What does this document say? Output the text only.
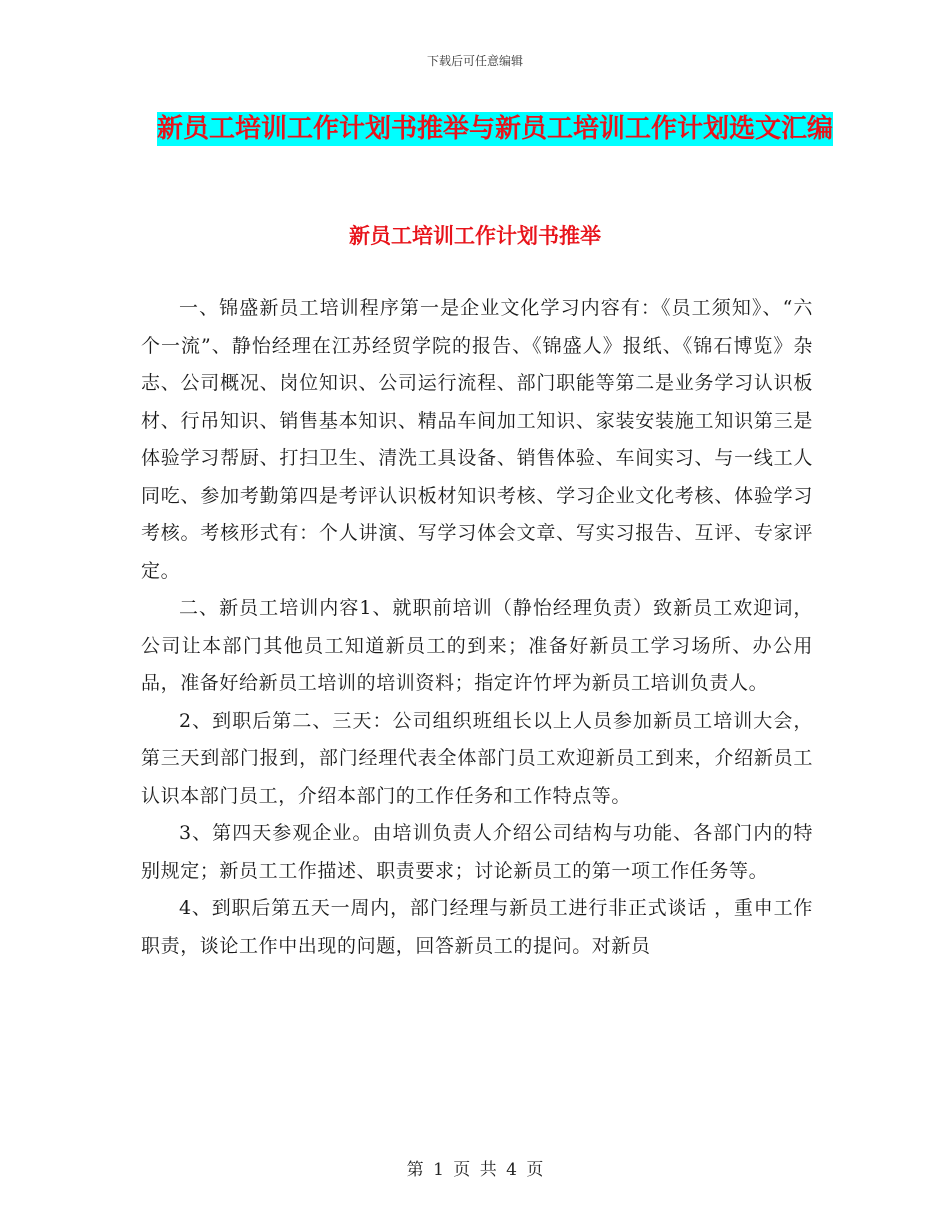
下载后可任意编辑
新员工培训工作计划书推举与新员工培训工作计划选文汇编
新员工培训工作计划书推举

一、锦盛新员工培训程序第一是企业文化学习内容有：《员工须知》、“六个一流”、静怡经理在江苏经贸学院的报告、《锦盛人》报纸、《锦石博览》杂志、公司概况、岗位知识、公司运行流程、部门职能等第二是业务学习认识板材、行吊知识、销售基本知识、精品车间加工知识、家装安装施工知识第三是体验学习帮厨、打扫卫生、清洗工具设备、销售体验、车间实习、与一线工人同吃、参加考勤第四是考评认识板材知识考核、学习企业文化考核、体验学习考核。考核形式有：个人讲演、写学习体会文章、写实习报告、互评、专家评定。

二、新员工培训内容1、就职前培训（静怡经理负责）致新员工欢迎词，公司让本部门其他员工知道新员工的到来；准备好新员工学习场所、办公用品，准备好给新员工培训的培训资料；指定许竹坪为新员工培训负责人。

2、到职后第二、三天：公司组织班组长以上人员参加新员工培训大会，第三天到部门报到，部门经理代表全体部门员工欢迎新员工到来，介绍新员工认识本部门员工，介绍本部门的工作任务和工作特点等。

3、第四天参观企业。由培训负责人介绍公司结构与功能、各部门内的特别规定；新员工工作描述、职责要求；讨论新员工的第一项工作任务等。

4、到职后第五天一周内，部门经理与新员工进行非正式谈话 ，重申工作职责，谈论工作中出现的问题，回答新员工的提问。对新员

第 1 页 共 4 页
